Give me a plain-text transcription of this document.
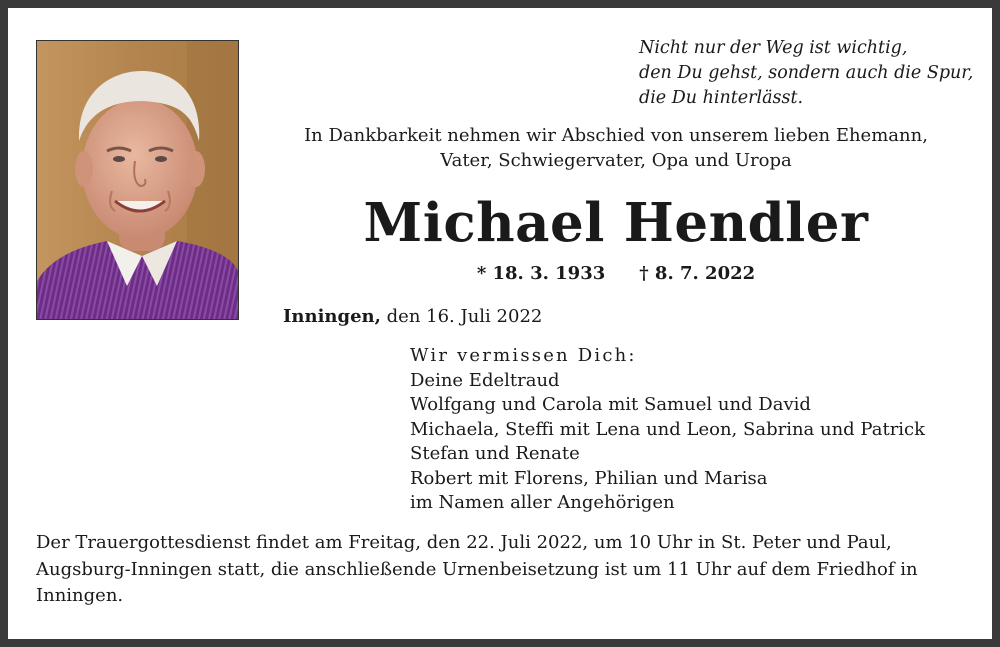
Nicht nur der Weg ist wichtig,
den Du gehst, sondern auch die Spur,
die Du hinterlässt.
In Dankbarkeit nehmen wir Abschied von unserem lieben Ehemann,
Vater, Schwiegervater, Opa und Uropa
Michael Hendler
* 18. 3. 1933 † 8. 7. 2022
Inningen, den 16. Juli 2022
Wir vermissen Dich:
Deine Edeltraud
Wolfgang und Carola mit Samuel und David
Michaela, Steffi mit Lena und Leon, Sabrina und Patrick
Stefan und Renate
Robert mit Florens, Philian und Marisa
im Namen aller Angehörigen
Der Trauergottesdienst findet am Freitag, den 22. Juli 2022, um 10 Uhr in St. Peter und Paul,
Augsburg-Inningen statt, die anschließende Urnenbeisetzung ist um 11 Uhr auf dem Friedhof in
Inningen.
